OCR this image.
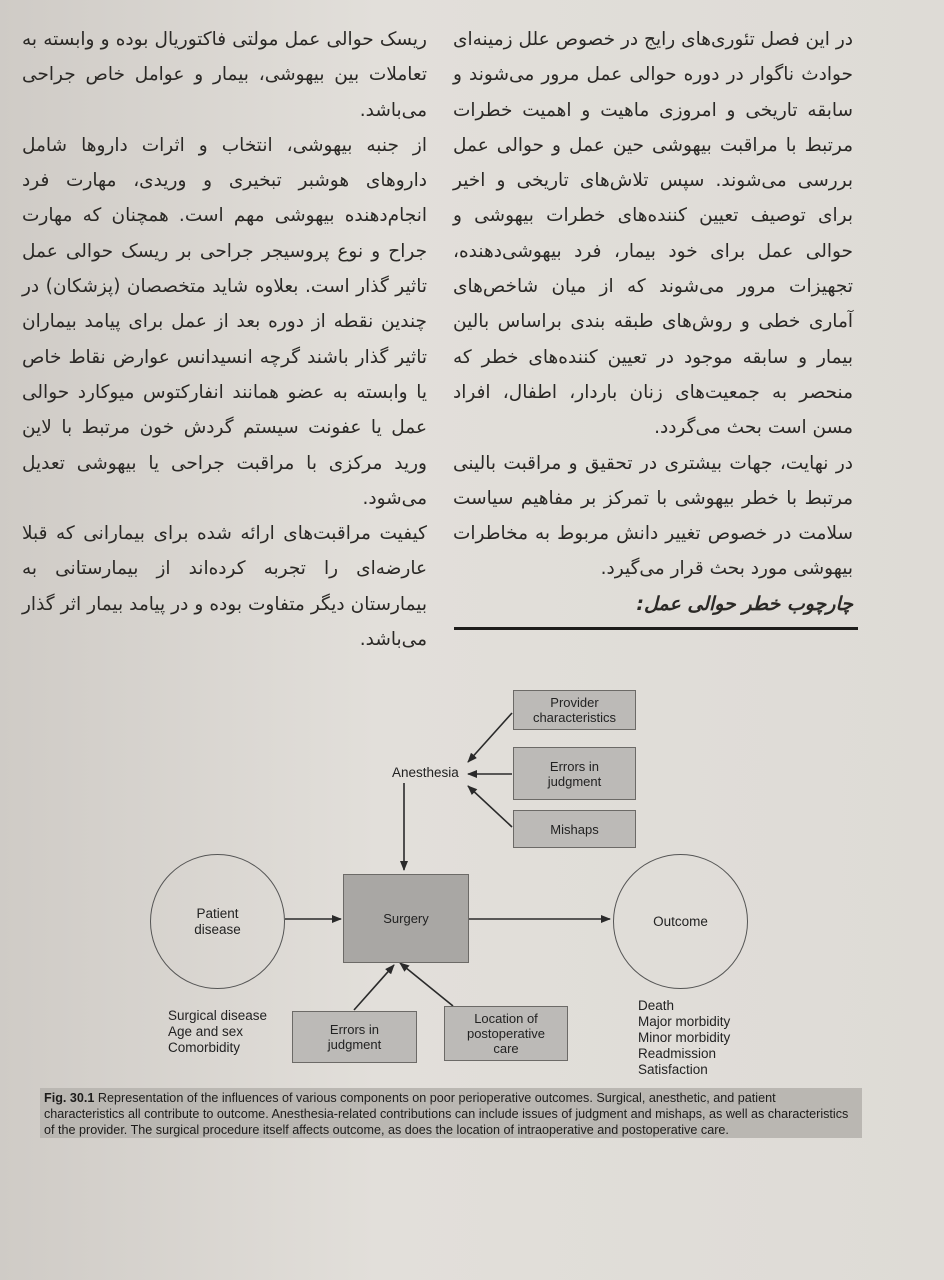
در این فصل تئوری‌های رایج در خصوص علل زمینه‌ای حوادث ناگوار در دوره حوالی عمل مرور می‌شوند و سابقه تاریخی و امروزی ماهیت و اهمیت خطرات مرتبط با مراقبت بیهوشی حین عمل و حوالی عمل بررسی می‌شوند. سپس تلاش‌های تاریخی و اخیر برای توصیف تعیین کننده‌های خطرات بیهوشی و حوالی عمل برای خود بیمار، فرد بیهوشی‌دهنده، تجهیزات مرور می‌شوند که از میان شاخص‌های آماری خطی و روش‌های طبقه بندی براساس بالین بیمار و سابقه موجود در تعیین کننده‌های خطر که منحصر به جمعیت‌های زنان باردار، اطفال، افراد مسن است بحث می‌گردد.

در نهایت، جهات بیشتری در تحقیق و مراقبت بالینی مرتبط با خطر بیهوشی با تمرکز بر مفاهیم سیاست سلامت در خصوص تغییر دانش مربوط به مخاطرات بیهوشی مورد بحث قرار می‌گیرد.

چارچوب خطر حوالی عمل:

ریسک حوالی عمل مولتی فاکتوریال بوده و وابسته به تعاملات بین بیهوشی، بیمار و عوامل خاص جراحی می‌باشد.

از جنبه بیهوشی، انتخاب و اثرات داروها شامل داروهای هوشبر تبخیری و وریدی، مهارت فرد انجام‌دهنده بیهوشی مهم است. همچنان که مهارت جراح و نوع پروسیجر جراحی بر ریسک حوالی عمل تاثیر گذار است. بعلاوه شاید متخصصان (پزشکان) در چندین نقطه از دوره بعد از عمل برای پیامد بیماران تاثیر گذار باشند گرچه انسیدانس عوارض نقاط خاص یا وابسته به عضو همانند انفارکتوس میوکارد حوالی عمل یا عفونت سیستم گردش خون مرتبط با لاین ورید مرکزی با مراقبت جراحی یا بیهوشی تعدیل می‌شود.

کیفیت مراقبت‌های ارائه شده برای بیمارانی که قبلا عارضه‌ای را تجربه کرده‌اند از بیمارستانی به بیمارستان دیگر متفاوت بوده و در پیامد بیمار اثر گذار می‌باشد.

Provider
characteristics
Errors in
judgment
Mishaps
Anesthesia
Patient
disease
Surgery	Outcome
Surgical disease
Age and sex
Comorbidity
Errors in
judgment
Location of
postoperative
care
Death
Major morbidity
Minor morbidity
Readmission
Satisfaction
Fig. 30.1 Representation of the influences of various components on poor perioperative outcomes. Surgical, anesthetic, and patient characteristics all contribute to outcome. Anesthesia-related contributions can include issues of judgment and mishaps, as well as characteristics of the provider. The surgical procedure itself affects outcome, as does the location of intraoperative and postoperative care.
